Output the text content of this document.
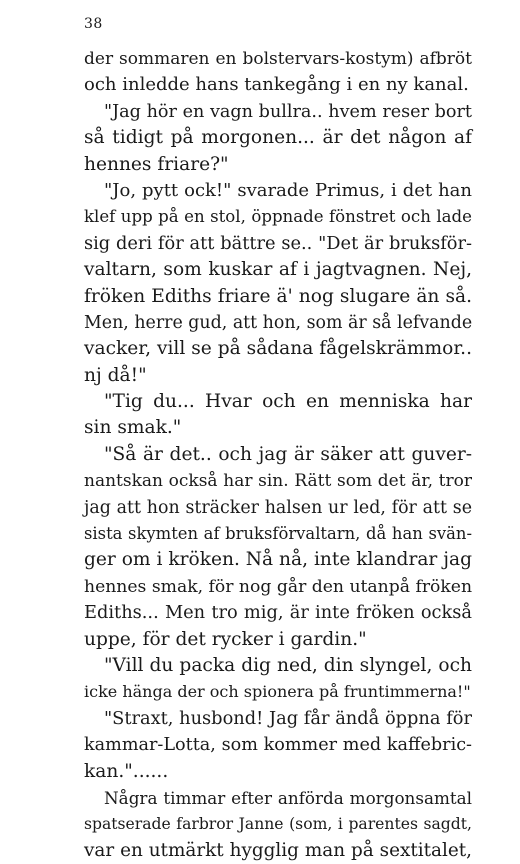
38
der sommaren en bolstervars-kostym) afbröt
och inledde hans tankegång i en ny kanal.
"Jag hör en vagn bullra.. hvem reser bort
så tidigt på morgonen... är det någon af
hennes friare?"
"Jo, pytt ock!" svarade Primus, i det han
klef upp på en stol, öppnade fönstret och lade
sig deri för att bättre se.. "Det är bruksför-
valtarn, som kuskar af i jagtvagnen. Nej,
fröken Ediths friare ä' nog slugare än så.
Men, herre gud, att hon, som är så lefvande
vacker, vill se på sådana fågelskrämmor..
nj då!"
"Tig du... Hvar och en menniska har
sin smak."
"Så är det.. och jag är säker att guver-
nantskan också har sin. Rätt som det är, tror
jag att hon sträcker halsen ur led, för att se
sista skymten af bruksförvaltarn, då han svän-
ger om i kröken. Nå nå, inte klandrar jag
hennes smak, för nog går den utanpå fröken
Ediths... Men tro mig, är inte fröken också
uppe, för det rycker i gardin."
"Vill du packa dig ned, din slyngel, och
icke hänga der och spionera på fruntimmerna!"
"Straxt, husbond! Jag får ändå öppna för
kammar-Lotta, som kommer med kaffebric-
kan."......
Några timmar efter anförda morgonsamtal
spatserade farbror Janne (som, i parentes sagdt,
var en utmärkt hygglig man på sextitalet,
